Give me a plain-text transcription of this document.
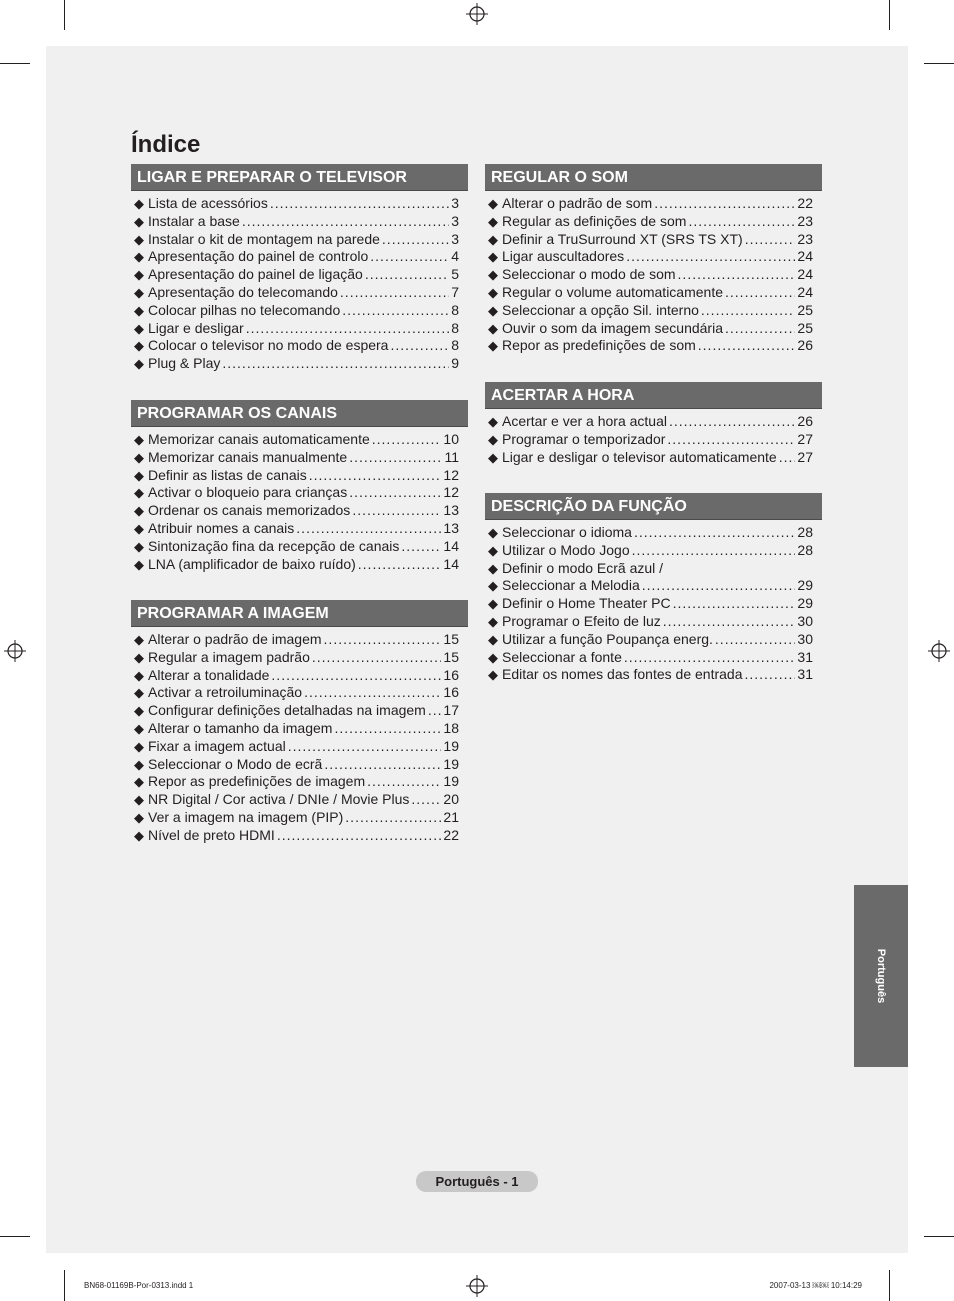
Índice
LIGAR E PREPARAR O TELEVISOR
◆ Lista de acessórios .....	3
◆ Instalar a base .....	3
◆ Instalar o kit de montagem na parede .....	3
◆ Apresentação do painel de controlo .....	4
◆ Apresentação do painel de ligação .....	5
◆ Apresentação do telecomando .....	7
◆ Colocar pilhas no telecomando .....	8
◆ Ligar e desligar .....	8
◆ Colocar o televisor no modo de espera .....	8
◆ Plug & Play .....	9
PROGRAMAR OS CANAIS
◆ Memorizar canais automaticamente .....	10
◆ Memorizar canais manualmente .....	11
◆ Definir as listas de canais .....	12
◆ Activar o bloqueio para crianças .....	12
◆ Ordenar os canais memorizados .....	13
◆ Atribuir nomes a canais .....	13
◆ Sintonização fina da recepção de canais .....	14
◆ LNA (amplificador de baixo ruído) .....	14
PROGRAMAR A IMAGEM
◆ Alterar o padrão de imagem .....	15
◆ Regular a imagem padrão .....	15
◆ Alterar a tonalidade .....	16
◆ Activar a retroiluminação .....	16
◆ Configurar definições detalhadas na imagem ..... 17
◆ Alterar o tamanho da imagem .....	18
◆ Fixar a imagem actual .....	19
◆ Seleccionar o Modo de ecrã .....	19
◆ Repor as predefinições de imagem .....	19
◆ NR Digital / Cor activa / DNIe / Movie Plus ..... 20
◆ Ver a imagem na imagem (PIP) .....	21
◆ Nível de preto HDMI .....	22
REGULAR O SOM
◆ Alterar o padrão de som .....	22
◆ Regular as definições de som .....	23
◆ Definir a TruSurround XT (SRS TS XT) .....	23
◆ Ligar auscultadores .....	24
◆ Seleccionar o modo de som .....	24
◆ Regular o volume automaticamente .....	24
◆ Seleccionar a opção Sil. interno .....	25
◆ Ouvir o som da imagem secundária .....	25
◆ Repor as predefinições de som .....	26
ACERTAR A HORA
◆ Acertar e ver a hora actual .....	26
◆ Programar o temporizador .....	27
◆ Ligar e desligar o televisor automaticamente ..... 27
DESCRIÇÃO DA FUNÇÃO
◆ Seleccionar o idioma .....	28
◆ Utilizar o Modo Jogo .....	28
◆ Definir o modo Ecrã azul /
◆ Seleccionar a Melodia .....	29
◆ Definir o Home Theater PC .....	29
◆ Programar o Efeito de luz .....	30
◆ Utilizar a função Poupança energ. .....	30
◆ Seleccionar a fonte .....	31
◆ Editar os nomes das fontes de entrada .....	31
Português
Português - 1
BN68-01169B-Por-0313.indd 1	2007-03-13 ￼￼ 10:14:29
